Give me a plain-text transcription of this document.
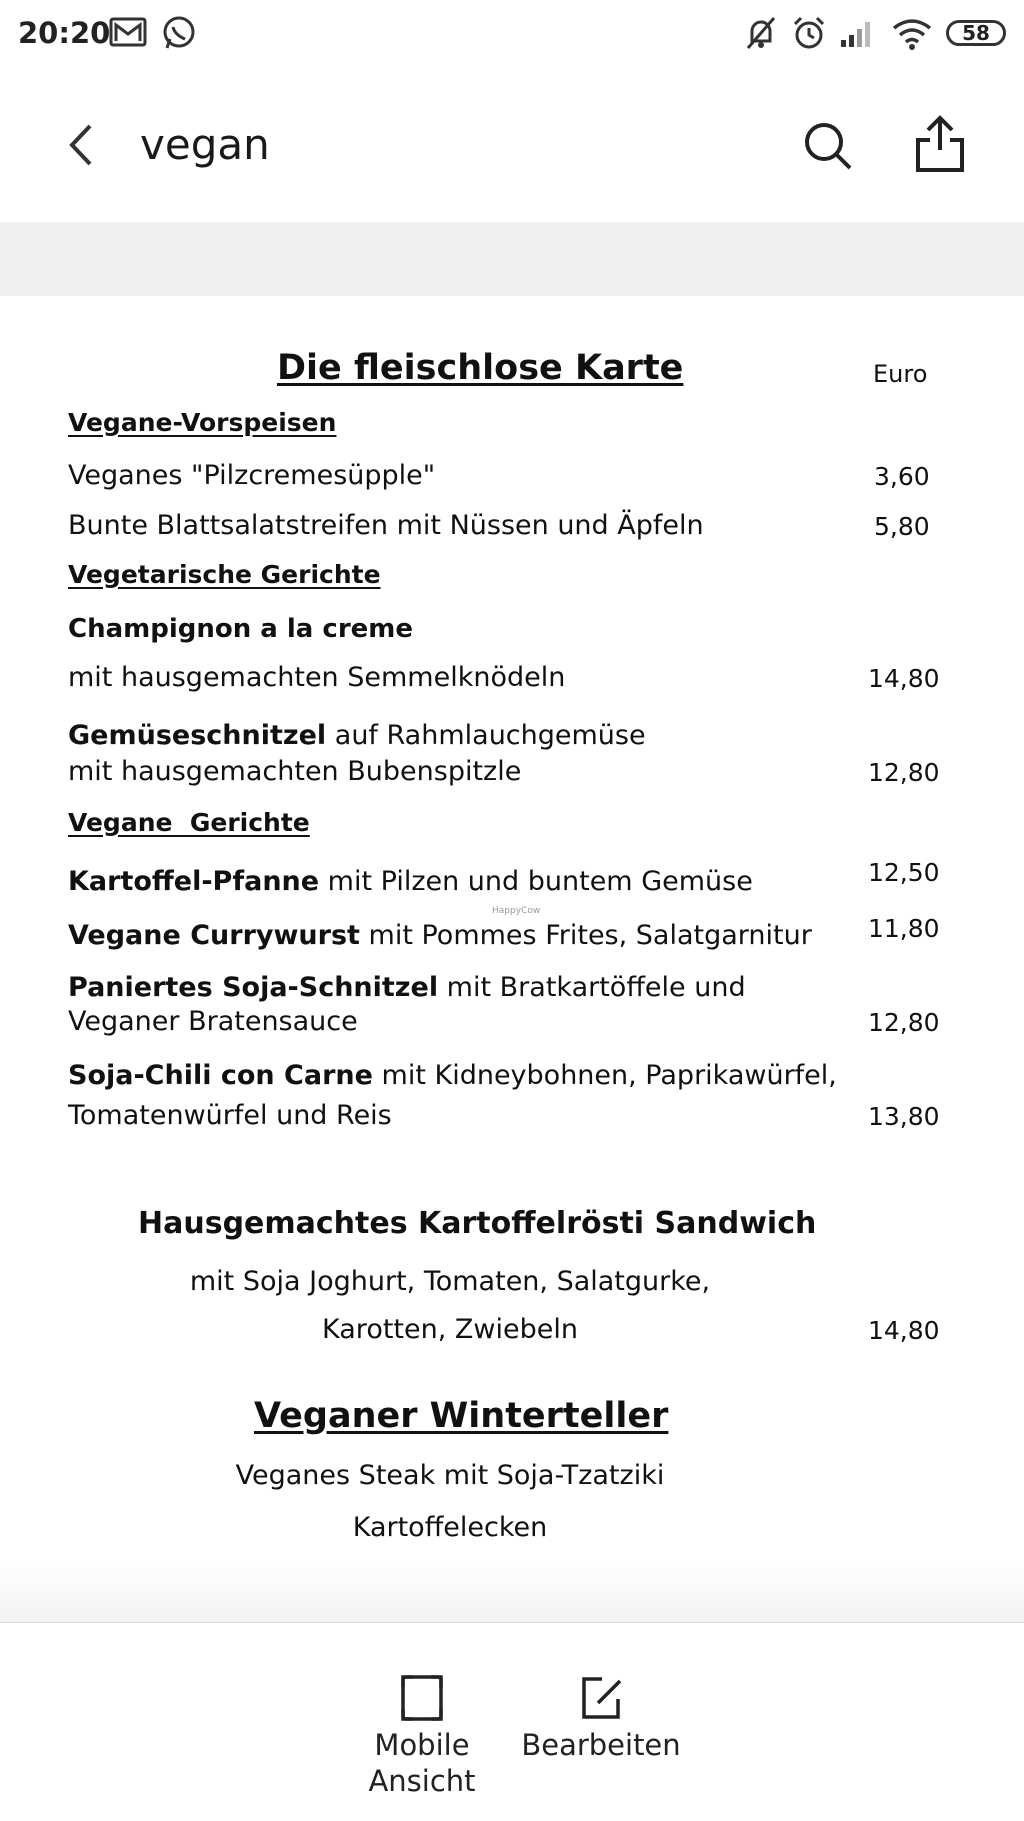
20:20	58
vegan
Die fleischlose Karte	Euro
Vegane-Vorspeisen
Veganes "Pilzcremesüpple"	3,60
Bunte Blattsalatstreifen mit Nüssen und Äpfeln	5,80
Vegetarische Gerichte
Champignon a la creme
mit hausgemachten Semmelknödeln	14,80
Gemüseschnitzel auf Rahmlauchgemüse
mit hausgemachten Bubenspitzle	12,80
Vegane  Gerichte
Kartoffel-Pfanne mit Pilzen und buntem Gemüse	12,50
HappyCow
Vegane Currywurst mit Pommes Frites, Salatgarnitur 11,80
Paniertes Soja-Schnitzel mit Bratkartöffele und
Veganer Bratensauce	12,80
Soja-Chili con Carne mit Kidneybohnen, Paprikawürfel,
Tomatenwürfel und Reis	13,80
Hausgemachtes Kartoffelrösti Sandwich
mit Soja Joghurt, Tomaten, Salatgurke,
Karotten, Zwiebeln	14,80
Veganer Winterteller
Veganes Steak mit Soja-Tzatziki
Kartoffelecken
Mobile
Ansicht
Bearbeiten
